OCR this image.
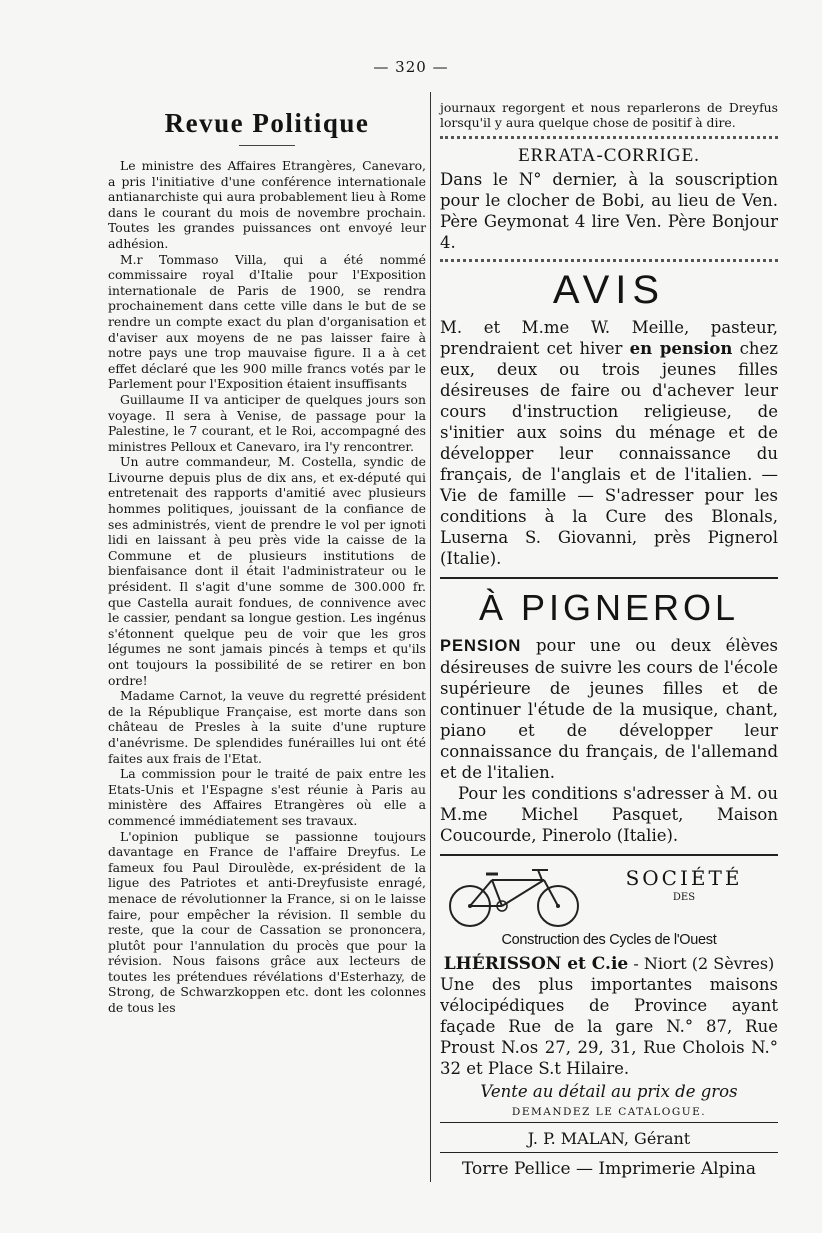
— 320 —
Revue Politique

Le ministre des Affaires Etrangères, Canevaro, a pris l'initiative d'une conférence internationale antianarchiste qui aura probablement lieu à Rome dans le courant du mois de novembre prochain. Toutes les grandes puissances ont envoyé leur adhésion.

M.r Tommaso Villa, qui a été nommé commissaire royal d'Italie pour l'Exposition internationale de Paris de 1900, se rendra prochainement dans cette ville dans le but de se rendre un compte exact du plan d'organisation et d'aviser aux moyens de ne pas laisser faire à notre pays une trop mauvaise figure. Il a à cet effet déclaré que les 900 mille francs votés par le Parlement pour l'Exposition étaient insuffisants

Guillaume II va anticiper de quelques jours son voyage. Il sera à Venise, de passage pour la Palestine, le 7 courant, et le Roi, accompagné des ministres Pelloux et Canevaro, ira l'y rencontrer.

Un autre commandeur, M. Costella, syndic de Livourne depuis plus de dix ans, et ex-député qui entretenait des rapports d'amitié avec plusieurs hommes politiques, jouissant de la confiance de ses administrés, vient de prendre le vol per ignoti lidi en laissant à peu près vide la caisse de la Commune et de plusieurs institutions de bienfaisance dont il était l'administrateur ou le président. Il s'agit d'une somme de 300.000 fr. que Castella aurait fondues, de connivence avec le cassier, pendant sa longue gestion. Les ingénus s'étonnent quelque peu de voir que les gros légumes ne sont jamais pincés à temps et qu'ils ont toujours la possibilité de se retirer en bon ordre!

Madame Carnot, la veuve du regretté président de la République Française, est morte dans son château de Presles à la suite d'une rupture d'anévrisme. De splendides funérailles lui ont été faites aux frais de l'Etat.

La commission pour le traité de paix entre les Etats-Unis et l'Espagne s'est réunie à Paris au ministère des Affaires Etrangères où elle a commencé immédiatement ses travaux.

L'opinion publique se passionne toujours davantage en France de l'affaire Dreyfus. Le fameux fou Paul Diroulède, ex-président de la ligue des Patriotes et anti-Dreyfusiste enragé, menace de révolutionner la France, si on le laisse faire, pour empêcher la révision. Il semble du reste, que la cour de Cassation se prononcera, plutôt pour l'annulation du procès que pour la révision. Nous faisons grâce aux lecteurs de toutes les prétendues révélations d'Esterhazy, de Strong, de Schwarzkoppen etc. dont les colonnes de tous les

journaux regorgent et nous reparlerons de Dreyfus lorsqu'il y aura quelque chose de positif à dire.

ERRATA-CORRIGE.

Dans le N° dernier, à la souscription pour le clocher de Bobi, au lieu de Ven. Père Geymonat 4 lire Ven. Père Bonjour 4.

AVIS

M. et M.me W. Meille, pasteur, prendraient cet hiver en pension chez eux, deux ou trois jeunes filles désireuses de faire ou d'achever leur cours d'instruction religieuse, de s'initier aux soins du ménage et de développer leur connaissance du français, de l'anglais et de l'italien. — Vie de famille — S'adresser pour les conditions à la Cure des Blonals, Luserna S. Giovanni, près Pignerol (Italie).

À PIGNEROL

PENSION pour une ou deux élèves désireuses de suivre les cours de l'école supérieure de jeunes filles et de continuer l'étude de la musique, chant, piano et de développer leur connaissance du français, de l'allemand et de l'italien.

Pour les conditions s'adresser à M. ou M.me Michel Pasquet, Maison Coucourde, Pinerolo (Italie).

SOCIÉTÉ
DES
Construction des Cycles de l'Ouest
LHÉRISSON et C.ie - Niort (2 Sèvres)

Une des plus importantes maisons vélocipédiques de Province ayant façade Rue de la gare N.° 87, Rue Proust N.os 27, 29, 31, Rue Cholois N.° 32 et Place S.t Hilaire.

Vente au détail au prix de gros
DEMANDEZ LE CATALOGUE.
J. P. MALAN, Gérant
Torre Pellice — Imprimerie Alpina
